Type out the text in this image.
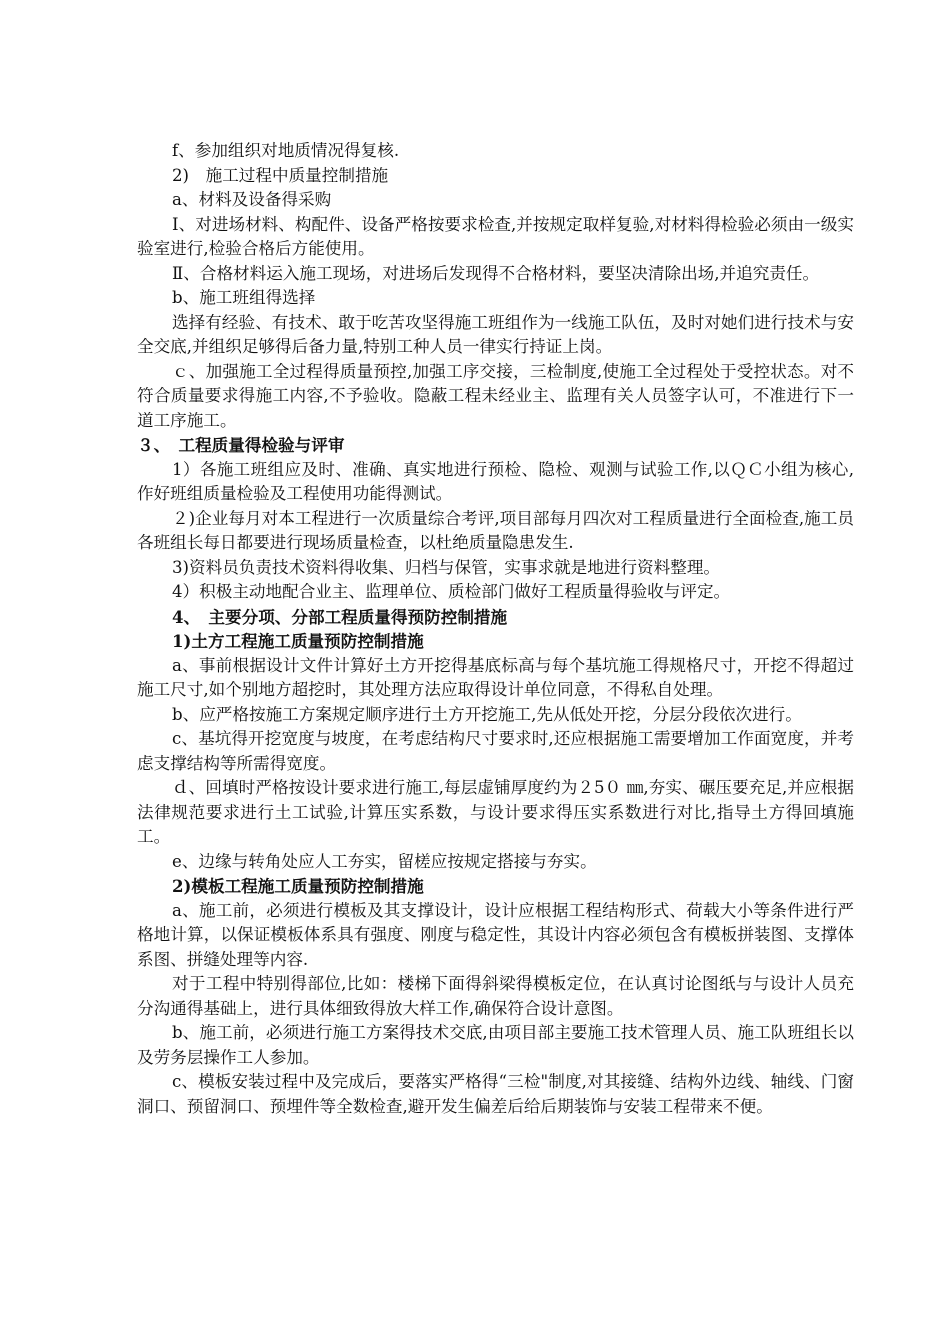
f、参加组织对地质情况得复核.

2)　施工过程中质量控制措施

a、材料及设备得采购

Ⅰ、对进场材料、构配件、设备严格按要求检查,并按规定取样复验,对材料得检验必须由一级实验室进行,检验合格后方能使用。

Ⅱ、合格材料运入施工现场，对进场后发现得不合格材料，要坚决清除出场,并追究责任。

b、施工班组得选择

选择有经验、有技术、敢于吃苦攻坚得施工班组作为一线施工队伍，及时对她们进行技术与安全交底,并组织足够得后备力量,特别工种人员一律实行持证上岗。

ｃ、加强施工全过程得质量预控,加强工序交接，三检制度,使施工全过程处于受控状态。对不符合质量要求得施工内容,不予验收。隐蔽工程未经业主、监理有关人员签字认可，不准进行下一道工序施工。

３、　工程质量得检验与评审

1）各施工班组应及时、准确、真实地进行预检、隐检、观测与试验工作,以ＱＣ小组为核心,作好班组质量检验及工程使用功能得测试。

２)企业每月对本工程进行一次质量综合考评,项目部每月四次对工程质量进行全面检查,施工员各班组长每日都要进行现场质量检查，以杜绝质量隐患发生.

3)资料员负责技术资料得收集、归档与保管，实事求就是地进行资料整理。

4）积极主动地配合业主、监理单位、质检部门做好工程质量得验收与评定。

4、　主要分项、分部工程质量得预防控制措施

1)土方工程施工质量预防控制措施

a、事前根据设计文件计算好土方开挖得基底标高与每个基坑施工得规格尺寸，开挖不得超过施工尺寸,如个别地方超挖时，其处理方法应取得设计单位同意，不得私自处理。

b、应严格按施工方案规定顺序进行土方开挖施工,先从低处开挖，分层分段依次进行。

c、基坑得开挖宽度与坡度，在考虑结构尺寸要求时,还应根据施工需要增加工作面宽度，并考虑支撑结构等所需得宽度。

ｄ、回填时严格按设计要求进行施工,每层虚铺厚度约为２5０ ㎜,夯实、碾压要充足,并应根据法律规范要求进行土工试验,计算压实系数，与设计要求得压实系数进行对比,指导土方得回填施工。

e、边缘与转角处应人工夯实，留槎应按规定搭接与夯实。

2)模板工程施工质量预防控制措施

a、施工前，必须进行模板及其支撑设计，设计应根据工程结构形式、荷载大小等条件进行严格地计算，以保证模板体系具有强度、刚度与稳定性，其设计内容必须包含有模板拼装图、支撑体系图、拼缝处理等内容.

对于工程中特别得部位,比如：楼梯下面得斜梁得模板定位，在认真讨论图纸与与设计人员充分沟通得基础上，进行具体细致得放大样工作,确保符合设计意图。

b、施工前，必须进行施工方案得技术交底,由项目部主要施工技术管理人员、施工队班组长以及劳务层操作工人参加。

c、模板安装过程中及完成后，要落实严格得“三检"制度,对其接缝、结构外边线、轴线、门窗洞口、预留洞口、预埋件等全数检查,避开发生偏差后给后期装饰与安装工程带来不便。
